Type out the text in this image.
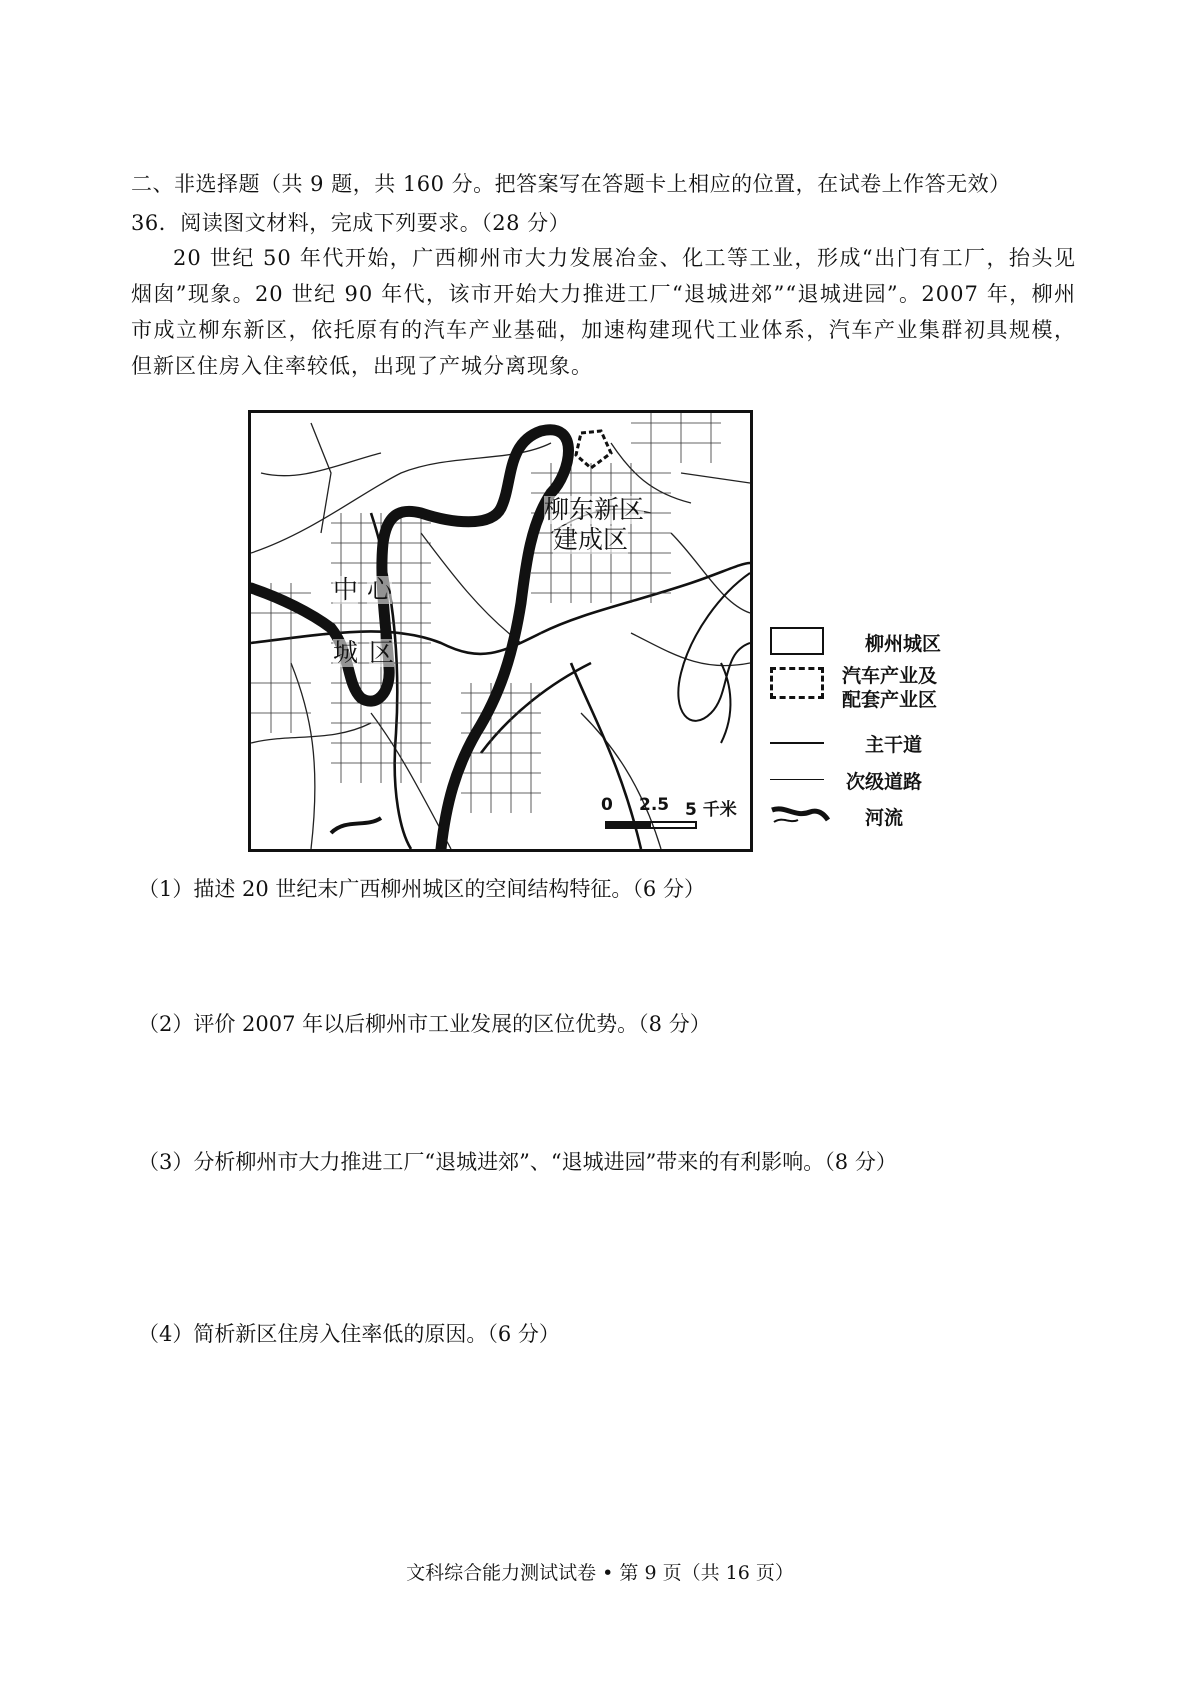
二、非选择题（共 9 题，共 160 分。把答案写在答题卡上相应的位置，在试卷上作答无效）
36．阅读图文材料，完成下列要求。（28 分）
20 世纪 50 年代开始，广西柳州市大力发展冶金、化工等工业，形成“出门有工厂，抬头见烟囱”现象。20 世纪 90 年代，该市开始大力推进工厂“退城进郊”“退城进园”。2007 年，柳州市成立柳东新区，依托原有的汽车产业基础，加速构建现代工业体系，汽车产业集群初具规模，但新区住房入住率较低，出现了产城分离现象。
柳东新区
建成区
中 心
城 区
0 2.5 5 千米
柳州城区
汽车产业及
配套产业区
主干道
次级道路
河流
（1）描述 20 世纪末广西柳州城区的空间结构特征。（6 分）
（2）评价 2007 年以后柳州市工业发展的区位优势。（8 分）
（3）分析柳州市大力推进工厂“退城进郊”、“退城进园”带来的有利影响。（8 分）
（4）简析新区住房入住率低的原因。（6 分）
文科综合能力测试试卷 • 第 9 页（共 16 页）
